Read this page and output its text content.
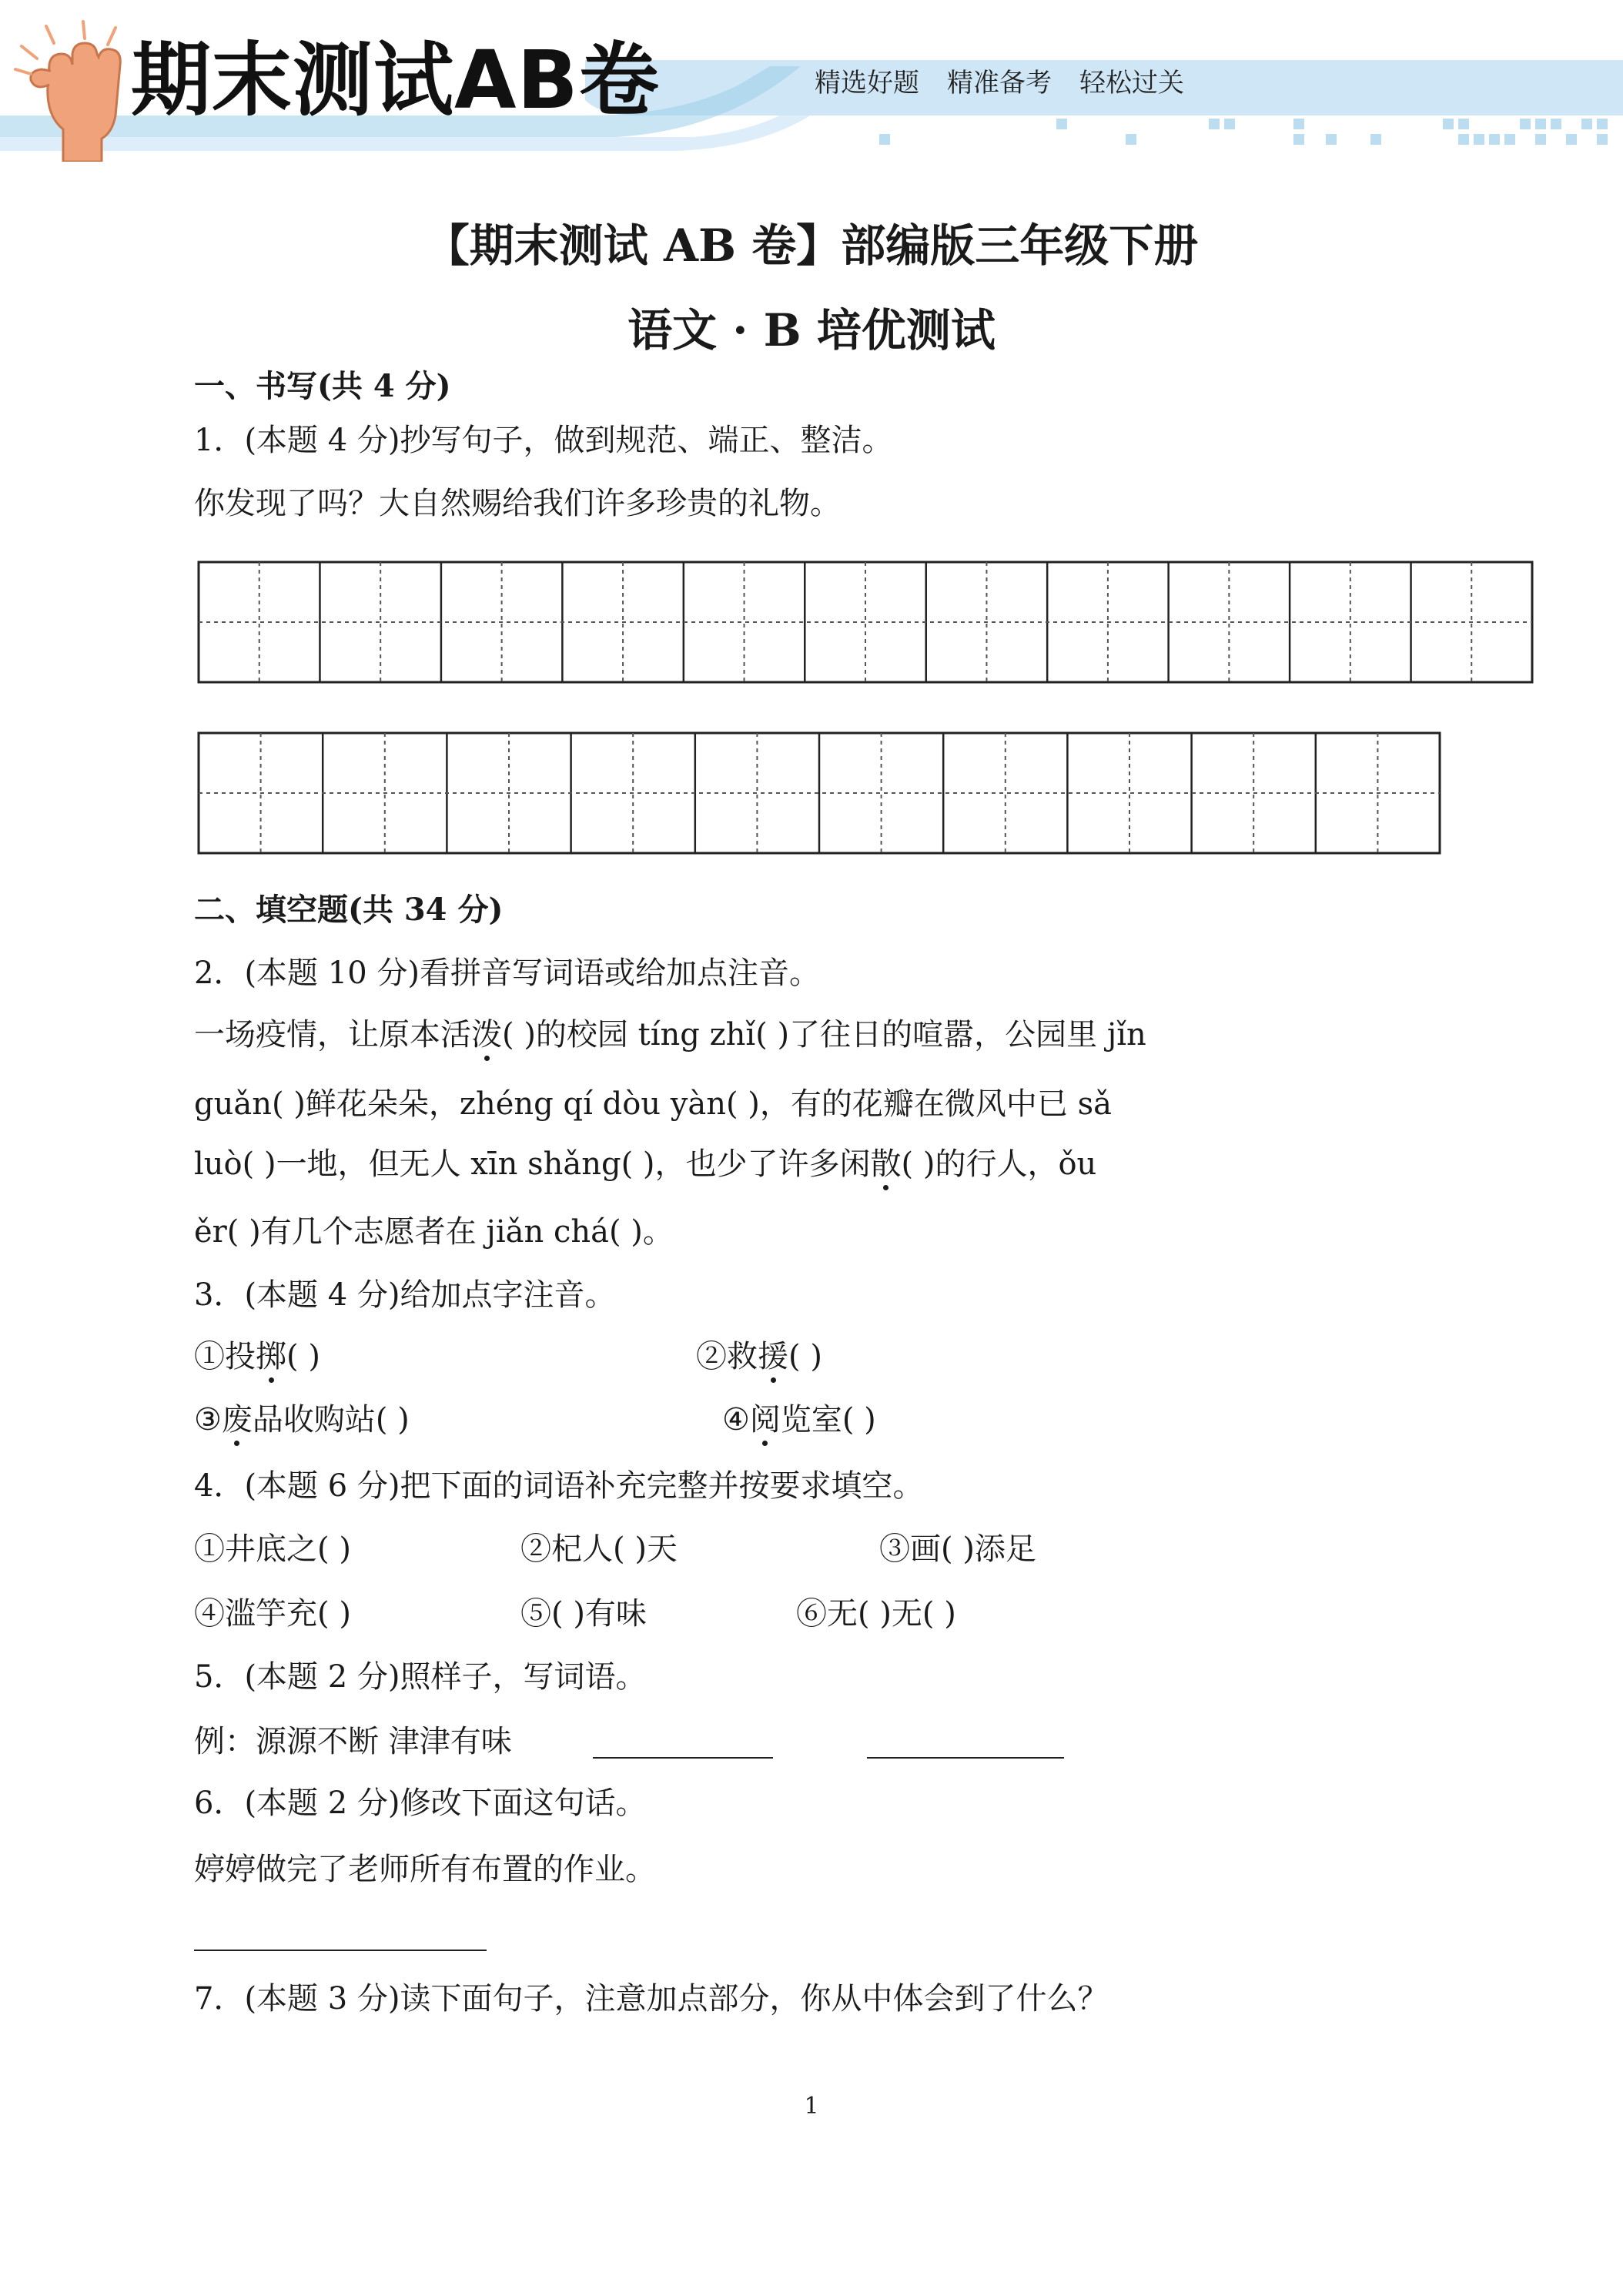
期末测试AB卷	精选好题 精准备考 轻松过关
【期末测试 AB 卷】部编版三年级下册
语文 · B 培优测试
一、书写(共 4 分)
1．(本题 4 分)抄写句子，做到规范、端正、整洁。
你发现了吗？大自然赐给我们许多珍贵的礼物。
二、填空题(共 34 分)
2．(本题 10 分)看拼音写词语或给加点注音。
一场疫情，让原本活泼( )的校园 tíng zhǐ( )了往日的喧嚣，公园里 jǐn
guǎn( )鲜花朵朵，zhéng qí dòu yàn( )，有的花瓣在微风中已 sǎ
luò( )一地，但无人 xīn shǎng( )，也少了许多闲散( )的行人，ǒu
ěr( )有几个志愿者在 jiǎn chá( )。
3．(本题 4 分)给加点字注音。
①投掷( )	②救援( )
③废品收购站( )	④阅览室( )
4．(本题 6 分)把下面的词语补充完整并按要求填空。
①井底之( )	②杞人( )天	③画( )添足
④滥竽充( )	⑤( )有味	⑥无( )无( )
5．(本题 2 分)照样子，写词语。
例：源源不断 津津有味
6．(本题 2 分)修改下面这句话。
婷婷做完了老师所有布置的作业。
7．(本题 3 分)读下面句子，注意加点部分，你从中体会到了什么？
1
